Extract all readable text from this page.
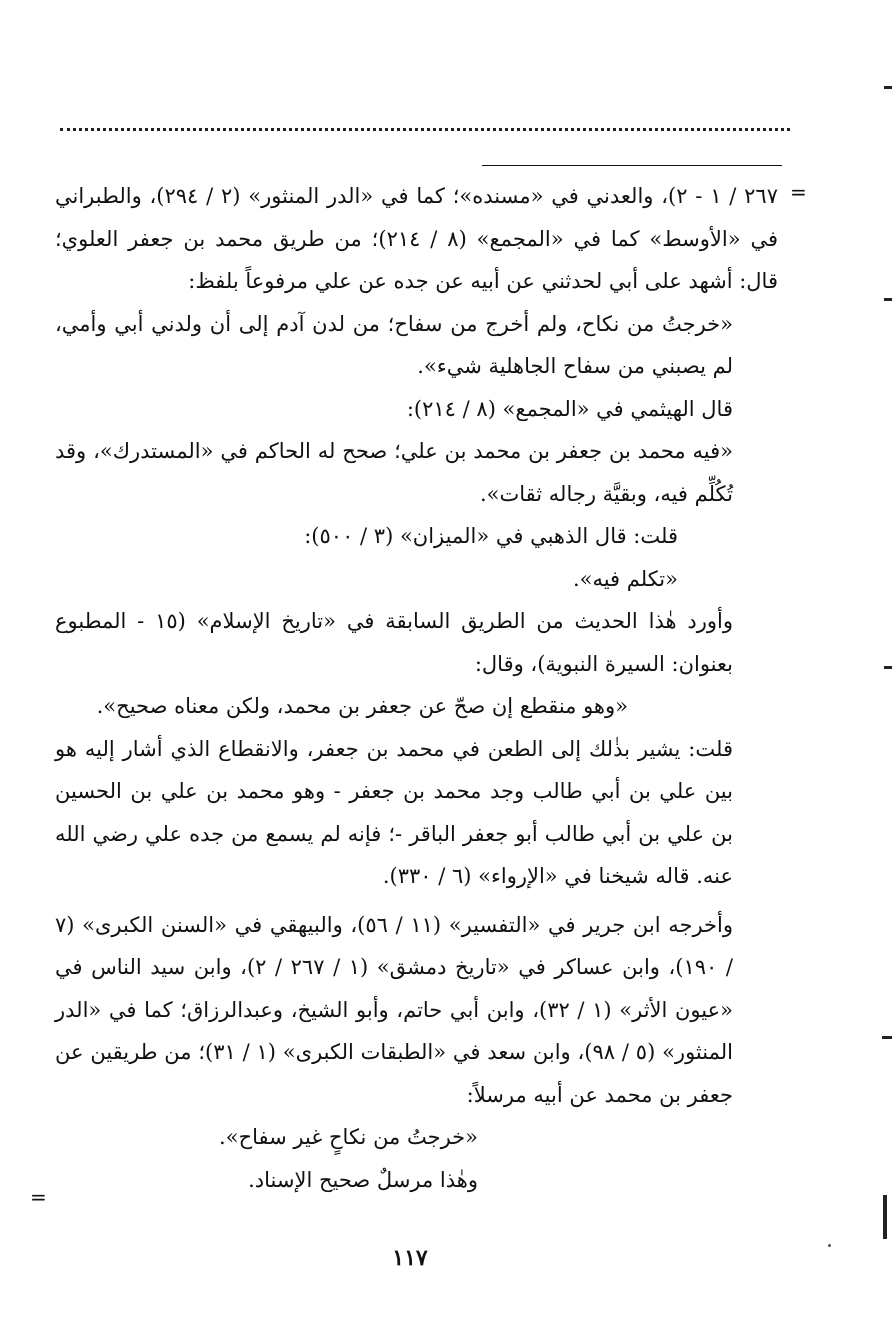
=

٢٦٧ / ١ - ٢)، والعدني في «مسنده»؛ كما في «الدر المنثور» (٢ / ٢٩٤)، والطبراني في «الأوسط» كما في «المجمع» (٨ / ٢١٤)؛ من طريق محمد بن جعفر العلوي؛ قال: أشهد على أبي لحدثني عن أبيه عن جده عن علي مرفوعاً بلفظ:

«خرجتُ من نكاح، ولم أخرج من سفاح؛ من لدن آدم إلى أن ولدني أبي وأمي، لم يصبني من سفاح الجاهلية شيء».

قال الهيثمي في «المجمع» (٨ / ٢١٤):

«فيه محمد بن جعفر بن محمد بن علي؛ صحح له الحاكم في «المستدرك»، وقد تُكُلِّم فيه، وبقيَّة رجاله ثقات».

قلت: قال الذهبي في «الميزان» (٣ / ٥٠٠):

«تكلم فيه».

وأورد هٰذا الحديث من الطريق السابقة في «تاريخ الإسلام» (١٥ - المطبوع بعنوان: السيرة النبوية)، وقال:

«وهو منقطع إن صحّ عن جعفر بن محمد، ولكن معناه صحيح».

قلت: يشير بذٰلك إلى الطعن في محمد بن جعفر، والانقطاع الذي أشار إليه هو بين علي بن أبي طالب وجد محمد بن جعفر - وهو محمد بن علي بن الحسين بن علي بن أبي طالب أبو جعفر الباقر -؛ فإنه لم يسمع من جده علي رضي الله عنه. قاله شيخنا في «الإرواء» (٦ / ٣٣٠).

وأخرجه ابن جرير في «التفسير» (١١ / ٥٦)، والبيهقي في «السنن الكبرى» (٧ / ١٩٠)، وابن عساكر في «تاريخ دمشق» (١ / ٢٦٧ / ٢)، وابن سيد الناس في «عيون الأثر» (١ / ٣٢)، وابن أبي حاتم، وأبو الشيخ، وعبدالرزاق؛ كما في «الدر المنثور» (٥ / ٩٨)، وابن سعد في «الطبقات الكبرى» (١ / ٣١)؛ من طريقين عن جعفر بن محمد عن أبيه مرسلاً:

«خرجتُ من نكاحٍ غير سفاح».

وهٰذا مرسلٌ صحيح الإسناد.

=
١١٧
